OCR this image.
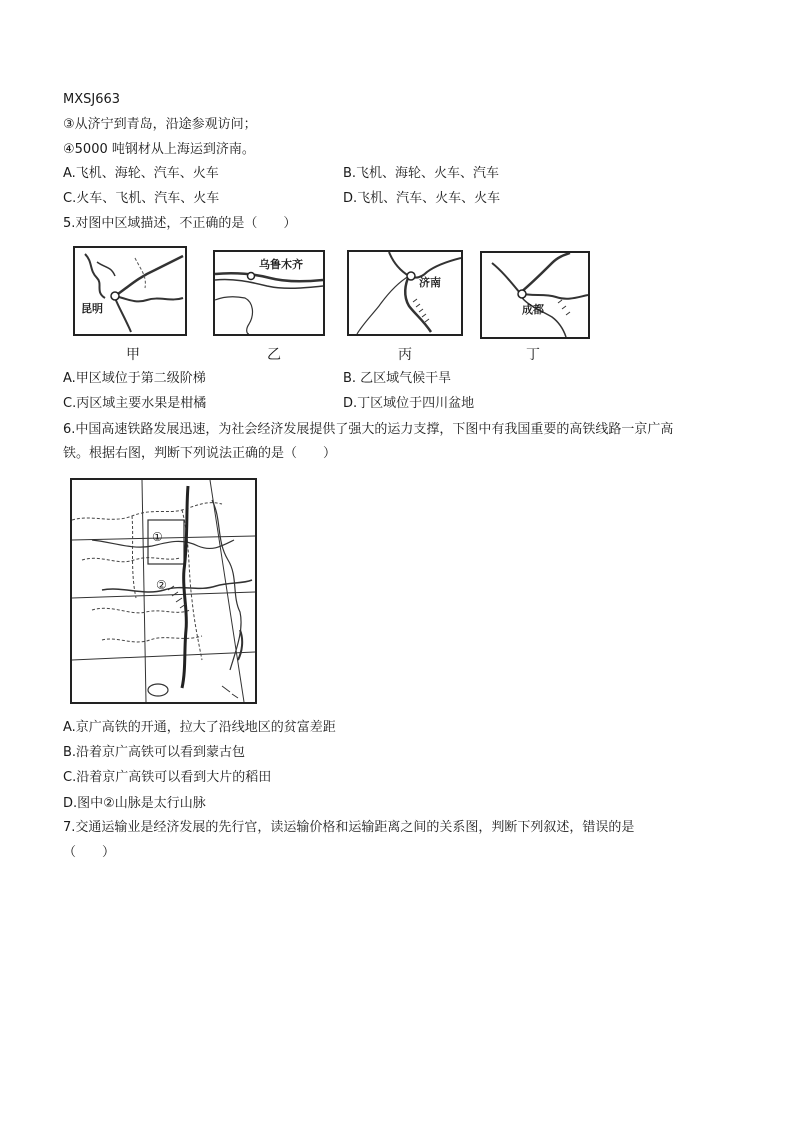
MXSJ663
③从济宁到青岛，沿途参观访问；
④5000 吨钢材从上海运到济南。
A.飞机、海轮、汽车、火车	B.飞机、海轮、火车、汽车
C.火车、飞机、汽车、火车	D.飞机、汽车、火车、火车
5.对图中区域描述，不正确的是（　　）
昆明
乌鲁木齐
济南
成都
甲	乙	丙	丁
A.甲区域位于第二级阶梯	B. 乙区域气候干旱
C.丙区域主要水果是柑橘	D.丁区域位于四川盆地
6.中国高速铁路发展迅速，为社会经济发展提供了强大的运力支撑，下图中有我国重要的高铁线路一京广高
铁。根据右图，判断下列说法正确的是（　　）
①
②
A.京广高铁的开通，拉大了沿线地区的贫富差距
B.沿着京广高铁可以看到蒙古包
C.沿着京广高铁可以看到大片的稻田
D.图中②山脉是太行山脉
7.交通运输业是经济发展的先行官，读运输价格和运输距离之间的关系图，判断下列叙述，错误的是
（　　）
